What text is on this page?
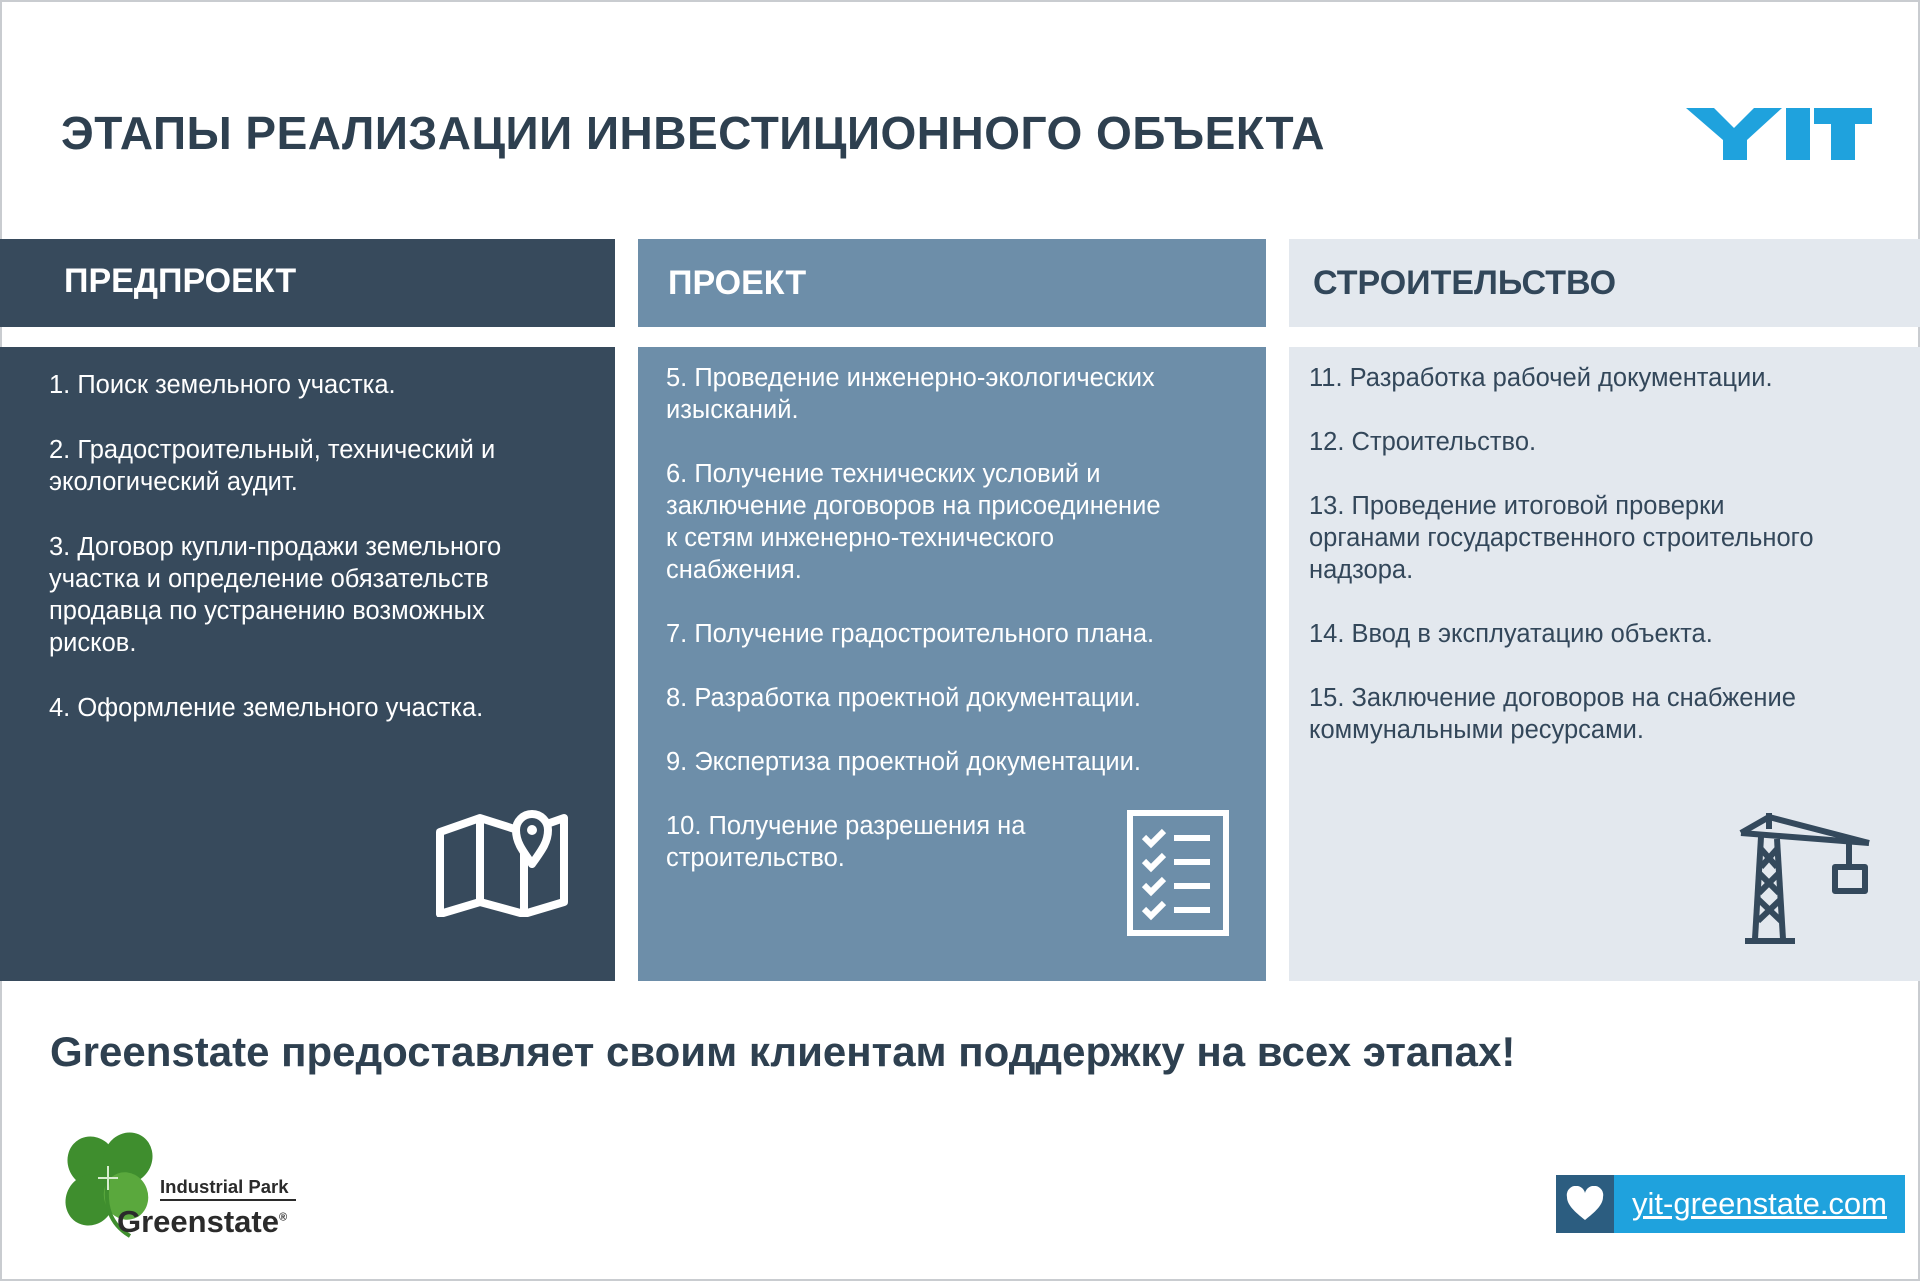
ЭТАПЫ РЕАЛИЗАЦИИ ИНВЕСТИЦИОННОГО ОБЪЕКТА
ПРЕДПРОЕКТ
1. Поиск земельного участка.
2. Градостроительный, технический и
экологический аудит.
3. Договор купли-продажи земельного
участка и определение обязательств
продавца по устранению возможных
рисков.
4. Оформление земельного участка.
ПРОЕКТ
5. Проведение инженерно-экологических
изысканий.
6. Получение технических условий и
заключение договоров на присоединение
к сетям инженерно-технического
снабжения.
7. Получение градостроительного плана.
8. Разработка проектной документации.
9. Экспертиза проектной документации.
10. Получение разрешения на
строительство.
СТРОИТЕЛЬСТВО
11. Разработка рабочей документации.
12. Строительство.
13. Проведение итоговой проверки
органами государственного строительного
надзора.
14. Ввод в эксплуатацию объекта.
15. Заключение договоров на снабжение
коммунальными ресурсами.
Greenstate предоставляет своим клиентам поддержку на всех этапах!
Industrial Park
Greenstate®	yit-greenstate.com
